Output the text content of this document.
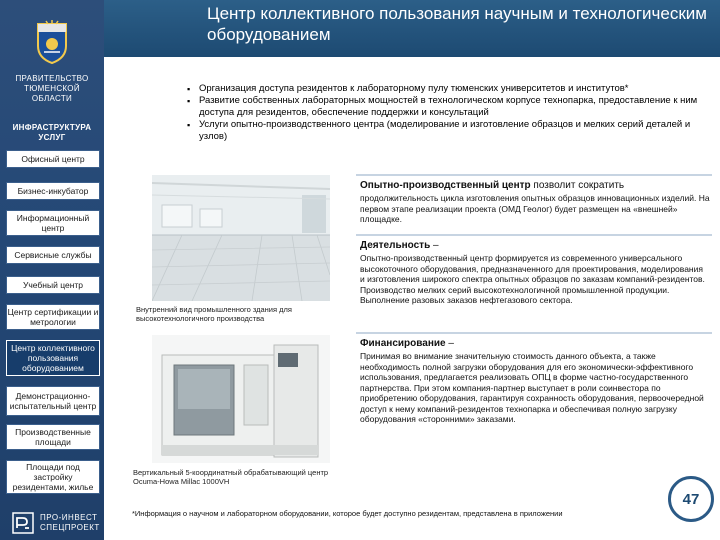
Центр коллективного пользования научным и технологическим оборудованием
ПРАВИТЕЛЬСТВО ТЮМЕНСКОЙ ОБЛАСТИ
ИНФРАСТРУКТУРА УСЛУГ
Офисный центр
Бизнес-инкубатор
Информационный центр
Сервисные службы
Учебный центр
Центр сертификации и метрологии
Центр коллективного пользования оборудованием
Демонстрационно-испытательный центр
Производственные площади
Площади под застройку резидентами, жилье
ПРО-ИНВЕСТ
СПЕЦПРОЕКТ
▪ Организация доступа резидентов к лабораторному пулу тюменских университетов и институтов*
▪ Развитие собственных лабораторных мощностей в технологическом корпусе технопарка, предоставление к ним доступа для резидентов, обеспечение поддержки и консультаций
▪ Услуги опытно-производственного центра (моделирование и изготовление образцов и мелких серий деталей и узлов)
Внутренний вид промышленного здания для высокотехнологичного производства
Вертикальный 5-координатный обрабатывающий центр Ocuma-Howa Millac 1000VH
Опытно-производственный центр позволит сократить
продолжительность цикла изготовления опытных образцов инновационных изделий. На первом этапе реализации проекта (ОМД Геолог) будет размещен на «внешней» площадке.
Деятельность –
Опытно-производственный центр формируется из современного универсального высокоточного оборудования, предназначенного для проектирования, моделирования и изготовления широкого спектра опытных образцов по заказам компаний-резидентов. Производство мелких серий высокотехнологичной промышленной продукции. Выполнение разовых заказов нефтегазового сектора.
Финансирование –
Принимая во внимание значительную стоимость данного объекта, а также необходимость полной загрузки оборудования для его экономически-эффективного использования, предлагается реализовать ОПЦ в форме частно-государственного партнерства. При этом компания-партнер выступает в роли соинвестора по приобретению оборудования, гарантируя сохранность оборудования, первоочередной доступ к нему компаний-резидентов технопарка и обеспечивая полную загрузку оборудования «сторонними» заказами.
*Информация о научном и лабораторном оборудовании, которое будет доступно резидентам, представлена в приложении
47
